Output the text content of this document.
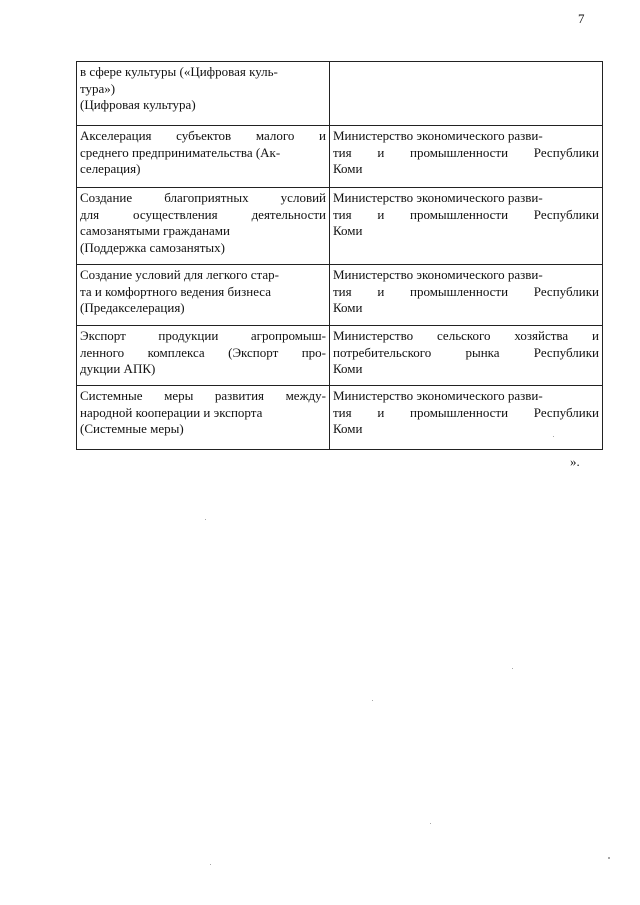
7
в сфере культуры («Цифровая куль-
тура»)
(Цифровая культура)	

Акселерация субъектов малого и
среднего предпринимательства (Ак-
селерация)	Министерство экономического разви-
тия и промышленности Республики
Коми

Создание благоприятных условий
для осуществления деятельности
самозанятыми гражданами
(Поддержка самозанятых)	Министерство экономического разви-
тия и промышленности Республики
Коми

Создание условий для легкого стар-
та и комфортного ведения бизнеса
(Предакселерация)	Министерство экономического разви-
тия и промышленности Республики
Коми

Экспорт продукции агропромыш-
ленного комплекса (Экспорт про-
дукции АПК)	Министерство сельского хозяйства и
потребительского рынка Республики
Коми

Системные меры развития между-
народной кооперации и экспорта
(Системные меры)	Министерство экономического разви-
тия и промышленности Республики
Коми
».
